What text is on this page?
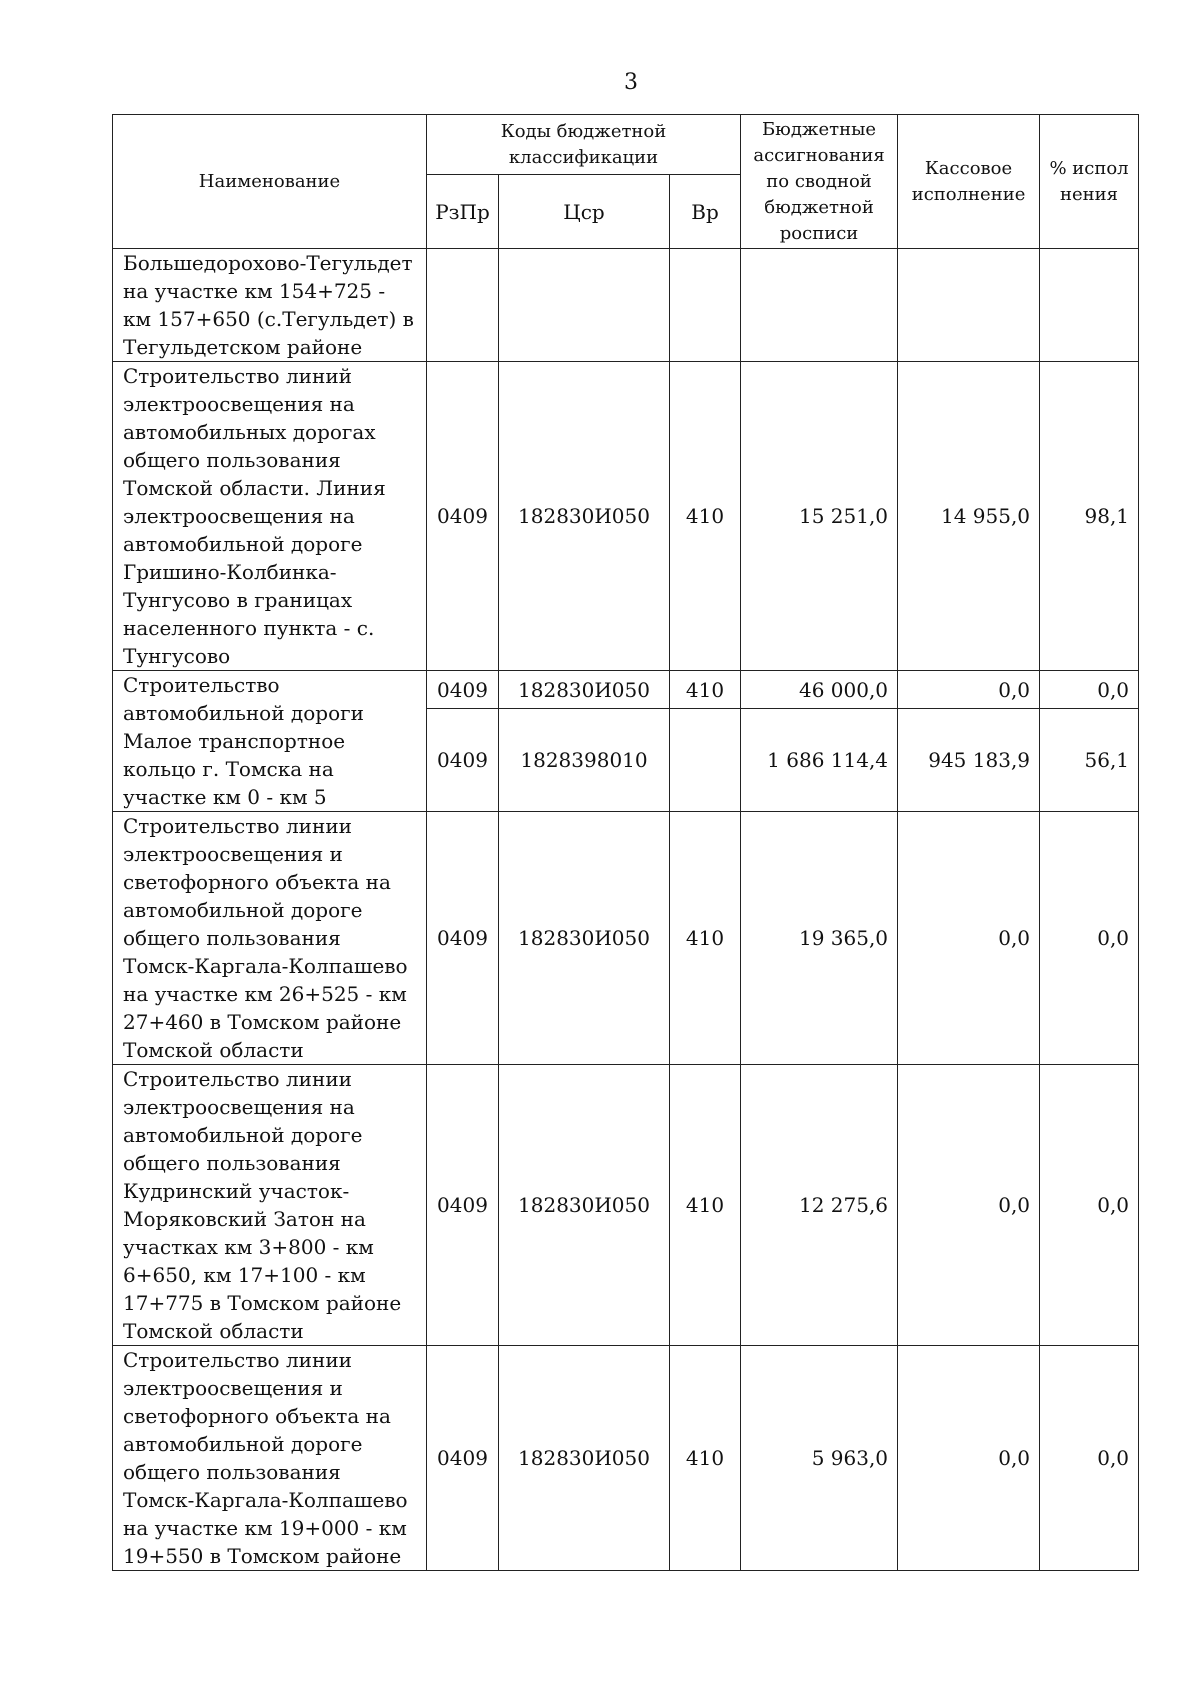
3
Наименование	Коды бюджетной классификации			Бюджетные ассигнования по сводной бюджетной росписи	Кассовое исполнение	% испол нения
	РзПр	Цср	Вр			
Большедорохово-Тегульдет на участке км 154+725 - км 157+650 (с.Тегульдет) в Тегульдетском районе						
Строительство линий электроосвещения на автомобильных дорогах общего пользования Томской области. Линия электроосвещения на автомобильной дороге Гришино-Колбинка-Тунгусово в границах населенного пункта - с. Тунгусово	0409	182830И050	410	15 251,0	14 955,0	98,1
Строительство автомобильной дороги Малое транспортное кольцо г. Томска на участке км 0 - км 5	0409	182830И050	410	46 000,0	0,0	0,0
	0409	1828398010		1 686 114,4	945 183,9	56,1
Строительство линии электроосвещения и светофорного объекта на автомобильной дороге общего пользования Томск-Каргала-Колпашево на участке км 26+525 - км 27+460 в Томском районе Томской области	0409	182830И050	410	19 365,0	0,0	0,0
Строительство линии электроосвещения на автомобильной дороге общего пользования Кудринский участок-Моряковский Затон на участках км 3+800 - км 6+650, км 17+100 - км 17+775 в Томском районе Томской области	0409	182830И050	410	12 275,6	0,0	0,0
Строительство линии электроосвещения и светофорного объекта на автомобильной дороге общего пользования Томск-Каргала-Колпашево на участке км 19+000 - км 19+550 в Томском районе	0409	182830И050	410	5 963,0	0,0	0,0
